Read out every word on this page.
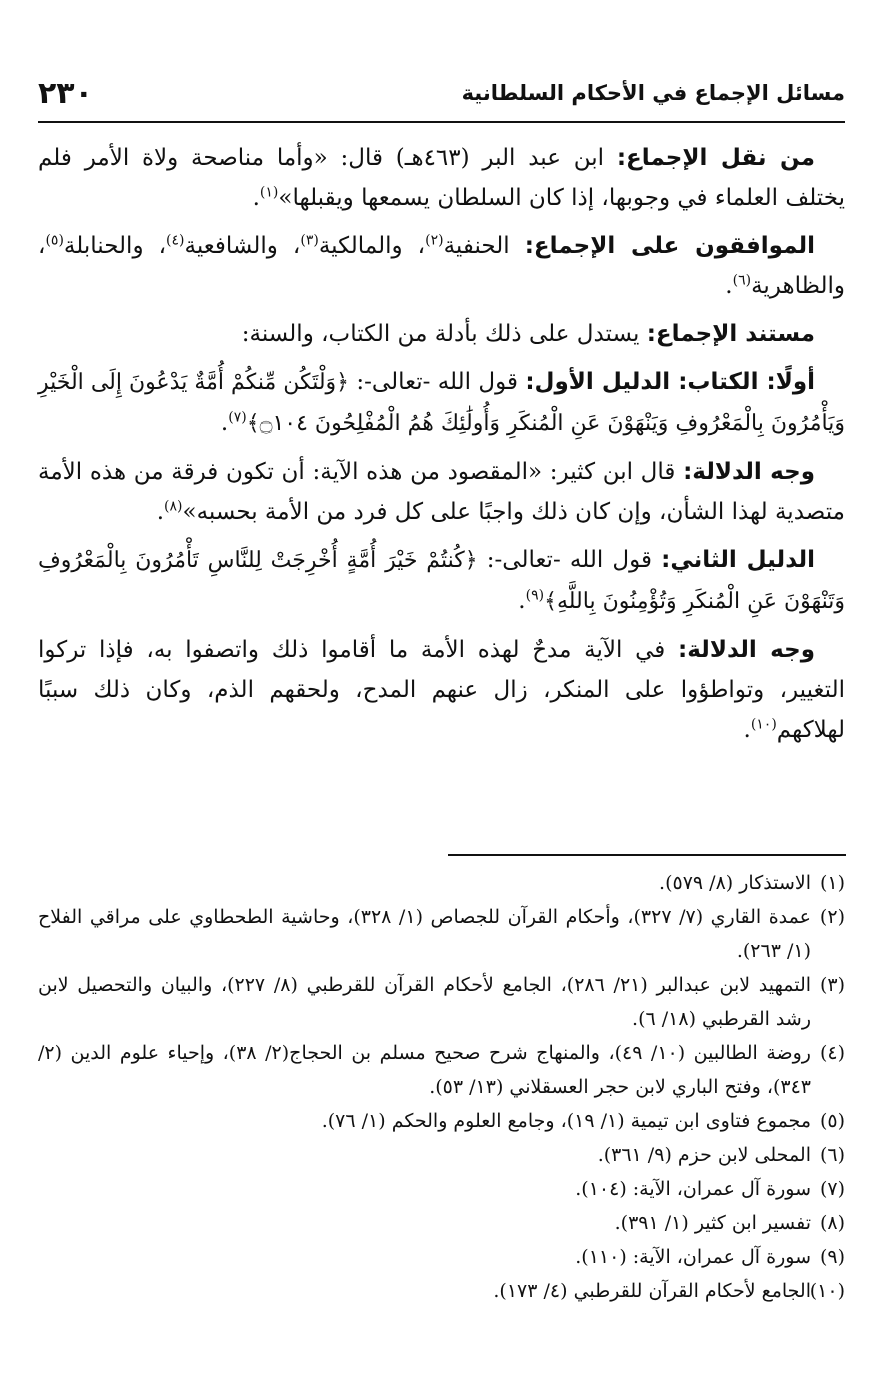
مسائل الإجماع في الأحكام السلطانية
٢٣٠

من نقل الإجماع: ابن عبد البر (٤٦٣هـ) قال: «وأما مناصحة ولاة الأمر فلم يختلف العلماء في وجوبها، إذا كان السلطان يسمعها ويقبلها»$^{(١)}$.

الموافقون على الإجماع: الحنفية$^{(٢)}$، والمالكية$^{(٣)}$، والشافعية$^{(٤)}$، والحنابلة$^{(٥)}$، والظاهرية$^{(٦)}$.

مستند الإجماع: يستدل على ذلك بأدلة من الكتاب، والسنة:

أولًا: الكتاب: الدليل الأول: قول الله -تعالى-: ﴿وَلْتَكُن مِّنكُمْ أُمَّةٌ يَدْعُونَ إِلَى الْخَيْرِ وَيَأْمُرُونَ بِالْمَعْرُوفِ وَيَنْهَوْنَ عَنِ الْمُنكَرِ وَأُولَٰئِكَ هُمُ الْمُفْلِحُونَ ۝١٠٤﴾$^{(٧)}$.

وجه الدلالة: قال ابن كثير: «المقصود من هذه الآية: أن تكون فرقة من هذه الأمة متصدية لهذا الشأن، وإن كان ذلك واجبًا على كل فرد من الأمة بحسبه»$^{(٨)}$.

الدليل الثاني: قول الله -تعالى-: ﴿كُنتُمْ خَيْرَ أُمَّةٍ أُخْرِجَتْ لِلنَّاسِ تَأْمُرُونَ بِالْمَعْرُوفِ وَتَنْهَوْنَ عَنِ الْمُنكَرِ وَتُؤْمِنُونَ بِاللَّهِ﴾$^{(٩)}$.

وجه الدلالة: في الآية مدحٌ لهذه الأمة ما أقاموا ذلك واتصفوا به، فإذا تركوا التغيير، وتواطؤوا على المنكر، زال عنهم المدح، ولحقهم الذم، وكان ذلك سببًا لهلاكهم$^{(١٠)}$.

(١)الاستذكار (٨/ ٥٧٩).

(٢)عمدة القاري (٧/ ٣٢٧)، وأحكام القرآن للجصاص (١/ ٣٢٨)، وحاشية الطحطاوي على مراقي الفلاح (١/ ٢٦٣).

(٣)التمهيد لابن عبدالبر (٢١/ ٢٨٦)، الجامع لأحكام القرآن للقرطبي (٨/ ٢٢٧)، والبيان والتحصيل لابن رشد القرطبي (١٨/ ٦).

(٤)روضة الطالبين (١٠/ ٤٩)، والمنهاج شرح صحيح مسلم بن الحجاج(٢/ ٣٨)، وإحياء علوم الدين (٢/ ٣٤٣)، وفتح الباري لابن حجر العسقلاني (١٣/ ٥٣).

(٥)مجموع فتاوى ابن تيمية (١/ ١٩)، وجامع العلوم والحكم (١/ ٧٦).

(٦)المحلى لابن حزم (٩/ ٣٦١).

(٧)سورة آل عمران، الآية: (١٠٤).

(٨)تفسير ابن كثير (١/ ٣٩١).

(٩)سورة آل عمران، الآية: (١١٠).

(١٠)الجامع لأحكام القرآن للقرطبي (٤/ ١٧٣).
